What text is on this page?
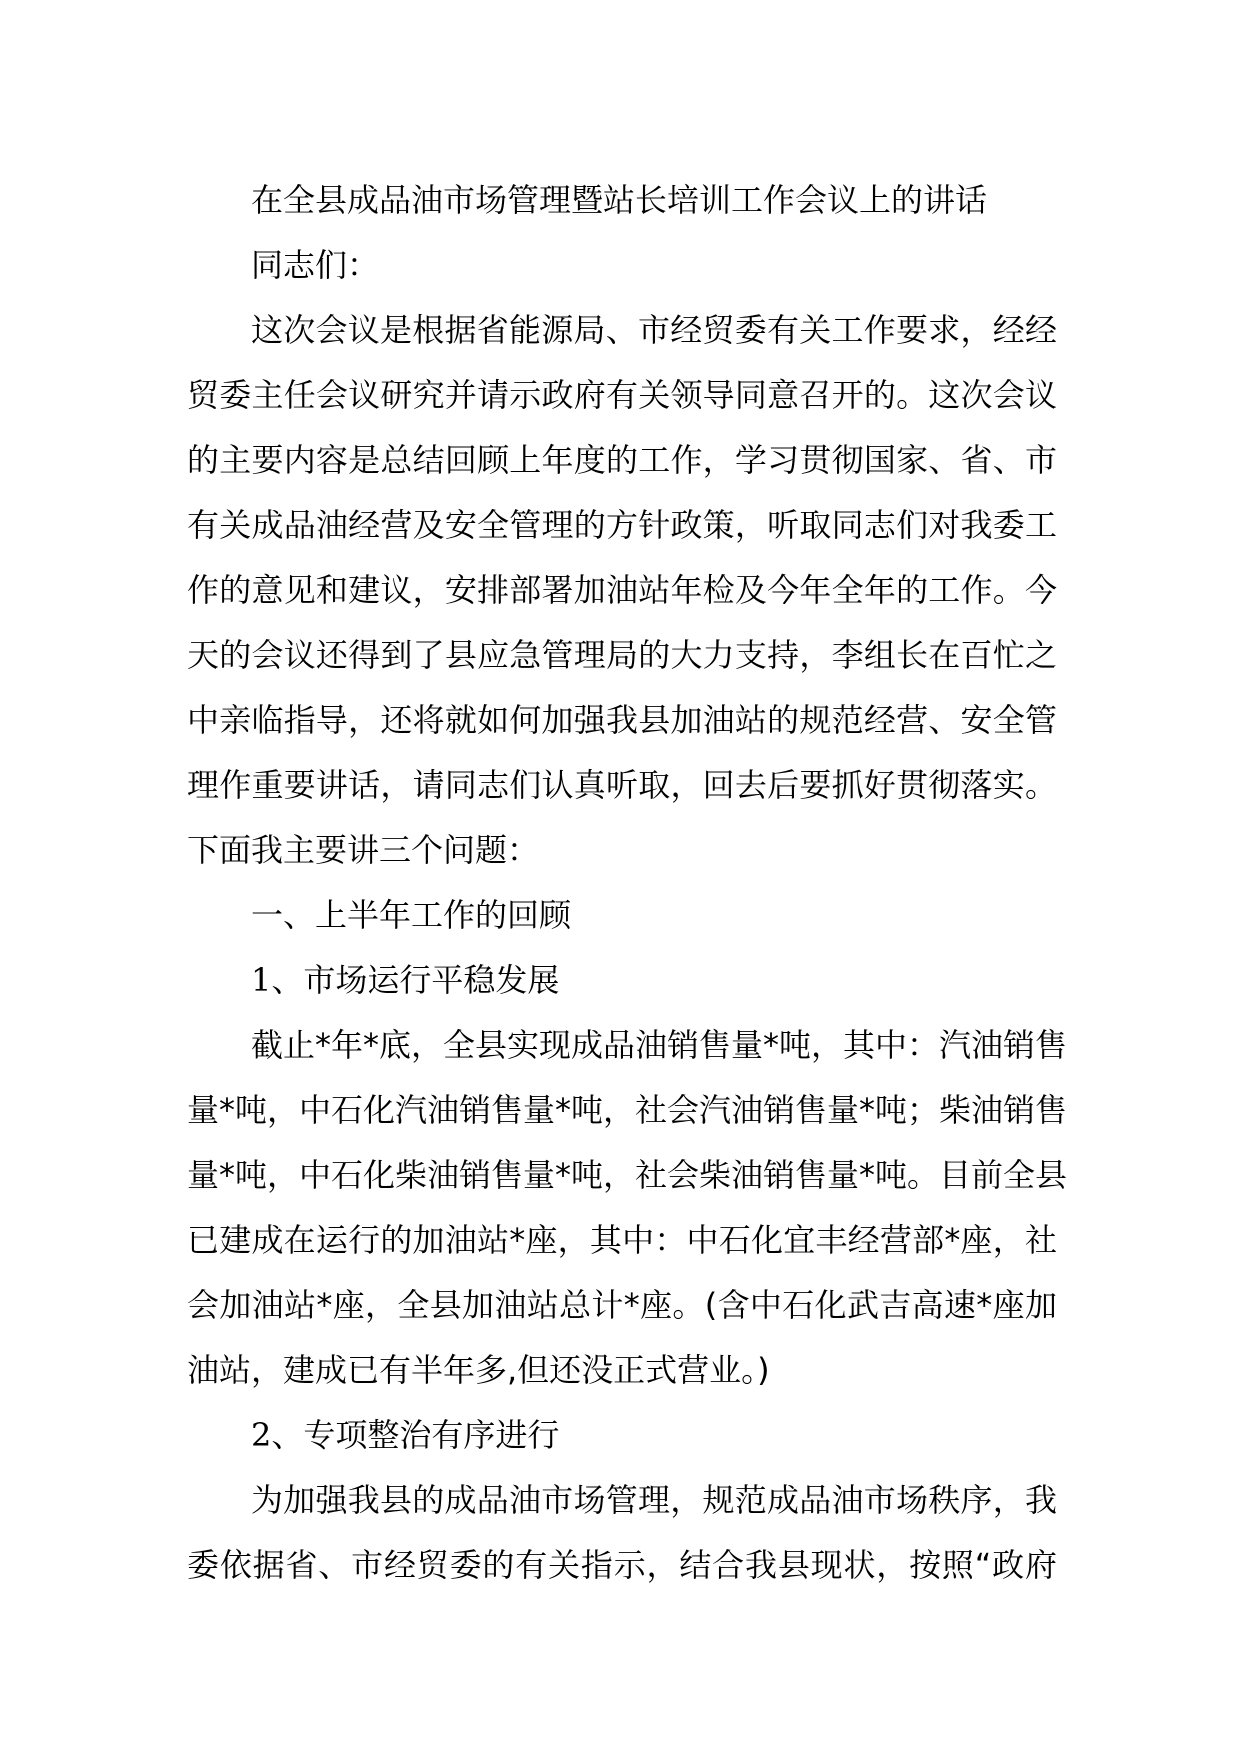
在全县成品油市场管理暨站长培训工作会议上的讲话
同志们：
这次会议是根据省能源局、市经贸委有关工作要求，经经
贸委主任会议研究并请示政府有关领导同意召开的。这次会议
的主要内容是总结回顾上年度的工作，学习贯彻国家、省、市
有关成品油经营及安全管理的方针政策，听取同志们对我委工
作的意见和建议，安排部署加油站年检及今年全年的工作。今
天的会议还得到了县应急管理局的大力支持，李组长在百忙之
中亲临指导，还将就如何加强我县加油站的规范经营、安全管
理作重要讲话，请同志们认真听取，回去后要抓好贯彻落实。
下面我主要讲三个问题：
一、上半年工作的回顾
1、市场运行平稳发展
截止*年*底，全县实现成品油销售量*吨，其中：汽油销售
量*吨，中石化汽油销售量*吨，社会汽油销售量*吨；柴油销售
量*吨，中石化柴油销售量*吨，社会柴油销售量*吨。目前全县
已建成在运行的加油站*座，其中：中石化宜丰经营部*座，社
会加油站*座，全县加油站总计*座。(含中石化武吉高速*座加
油站，建成已有半年多,但还没正式营业。)
2、专项整治有序进行
为加强我县的成品油市场管理，规范成品油市场秩序，我
委依据省、市经贸委的有关指示，结合我县现状，按照“政府
